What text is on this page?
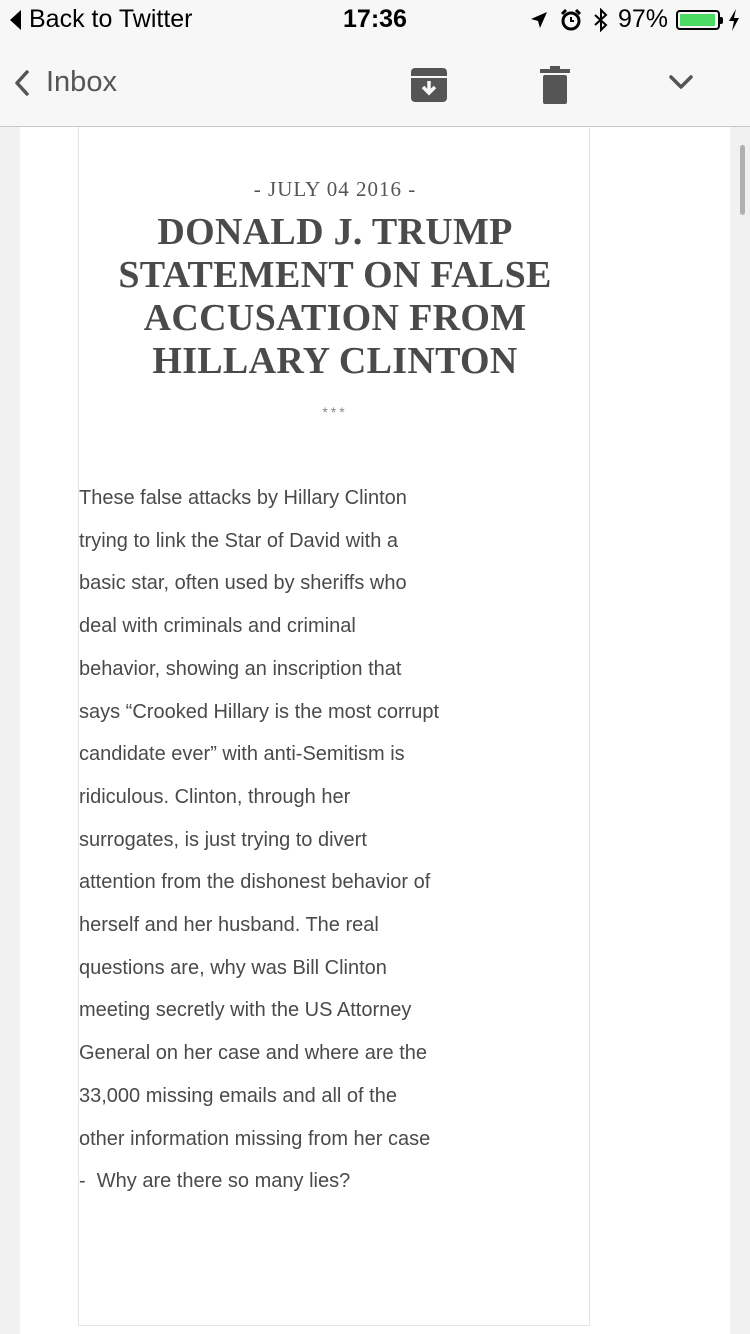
Back to Twitter	17:36	97%
Inbox
- JULY 04 2016 -
DONALD J. TRUMP
STATEMENT ON FALSE
ACCUSATION FROM
HILLARY CLINTON
***
These false attacks by Hillary Clinton
trying to link the Star of David with a
basic star, often used by sheriffs who
deal with criminals and criminal
behavior, showing an inscription that
says “Crooked Hillary is the most corrupt
candidate ever” with anti-Semitism is
ridiculous. Clinton, through her
surrogates, is just trying to divert
attention from the dishonest behavior of
herself and her husband. The real
questions are, why was Bill Clinton
meeting secretly with the US Attorney
General on her case and where are the
33,000 missing emails and all of the
other information missing from her case
-  Why are there so many lies?
